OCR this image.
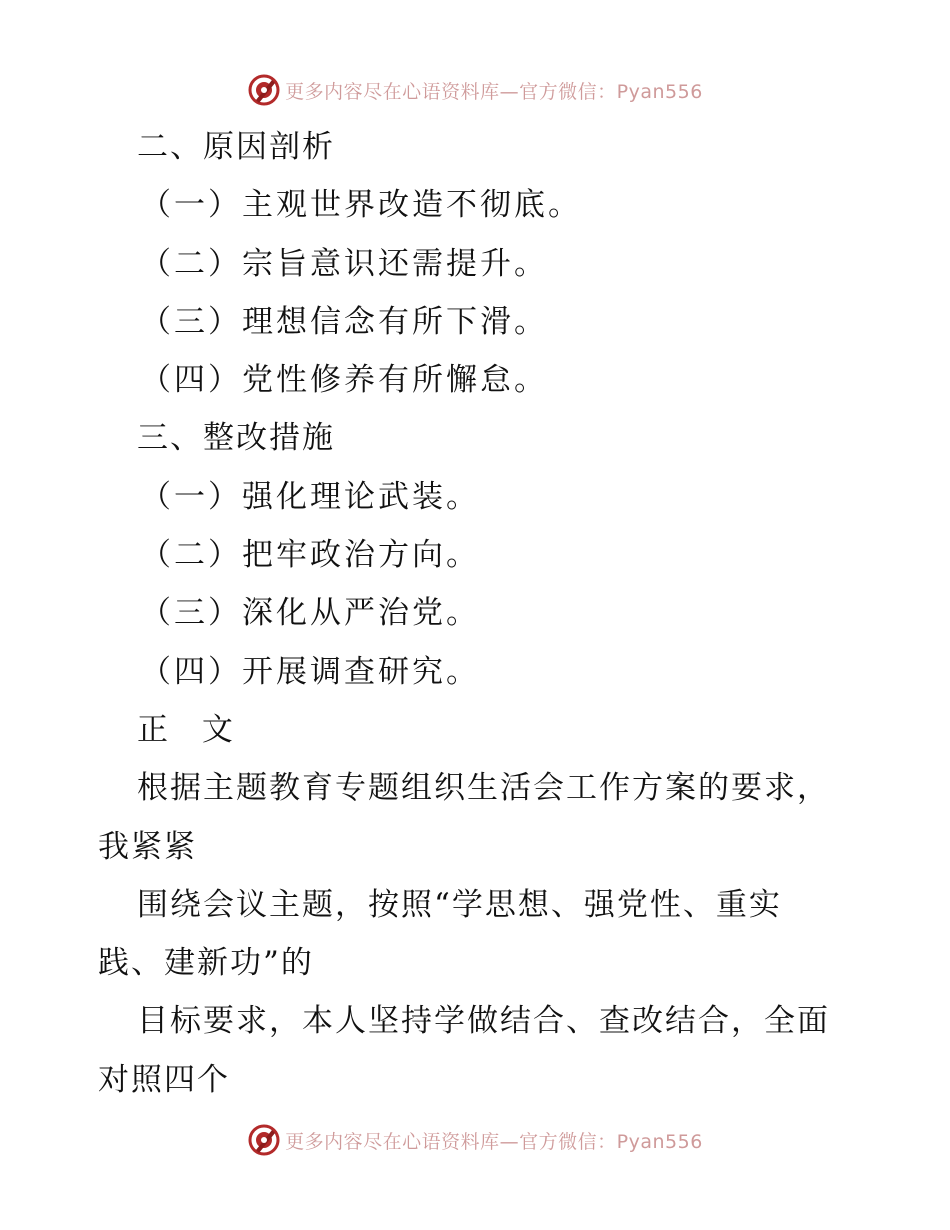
更多内容尽在心语资料库—官方微信：Pyan556
二、原因剖析
（一）主观世界改造不彻底。
（二）宗旨意识还需提升。
（三）理想信念有所下滑。
（四）党性修养有所懈怠。
三、整改措施
（一）强化理论武装。
（二）把牢政治方向。
（三）深化从严治党。
（四）开展调查研究。
正 文
根据主题教育专题组织生活会工作方案的要求，
我紧紧
围绕会议主题，按照“学思想、强党性、重实
践、建新功”的
目标要求，本人坚持学做结合、查改结合，全面
对照四个
更多内容尽在心语资料库—官方微信：Pyan556
